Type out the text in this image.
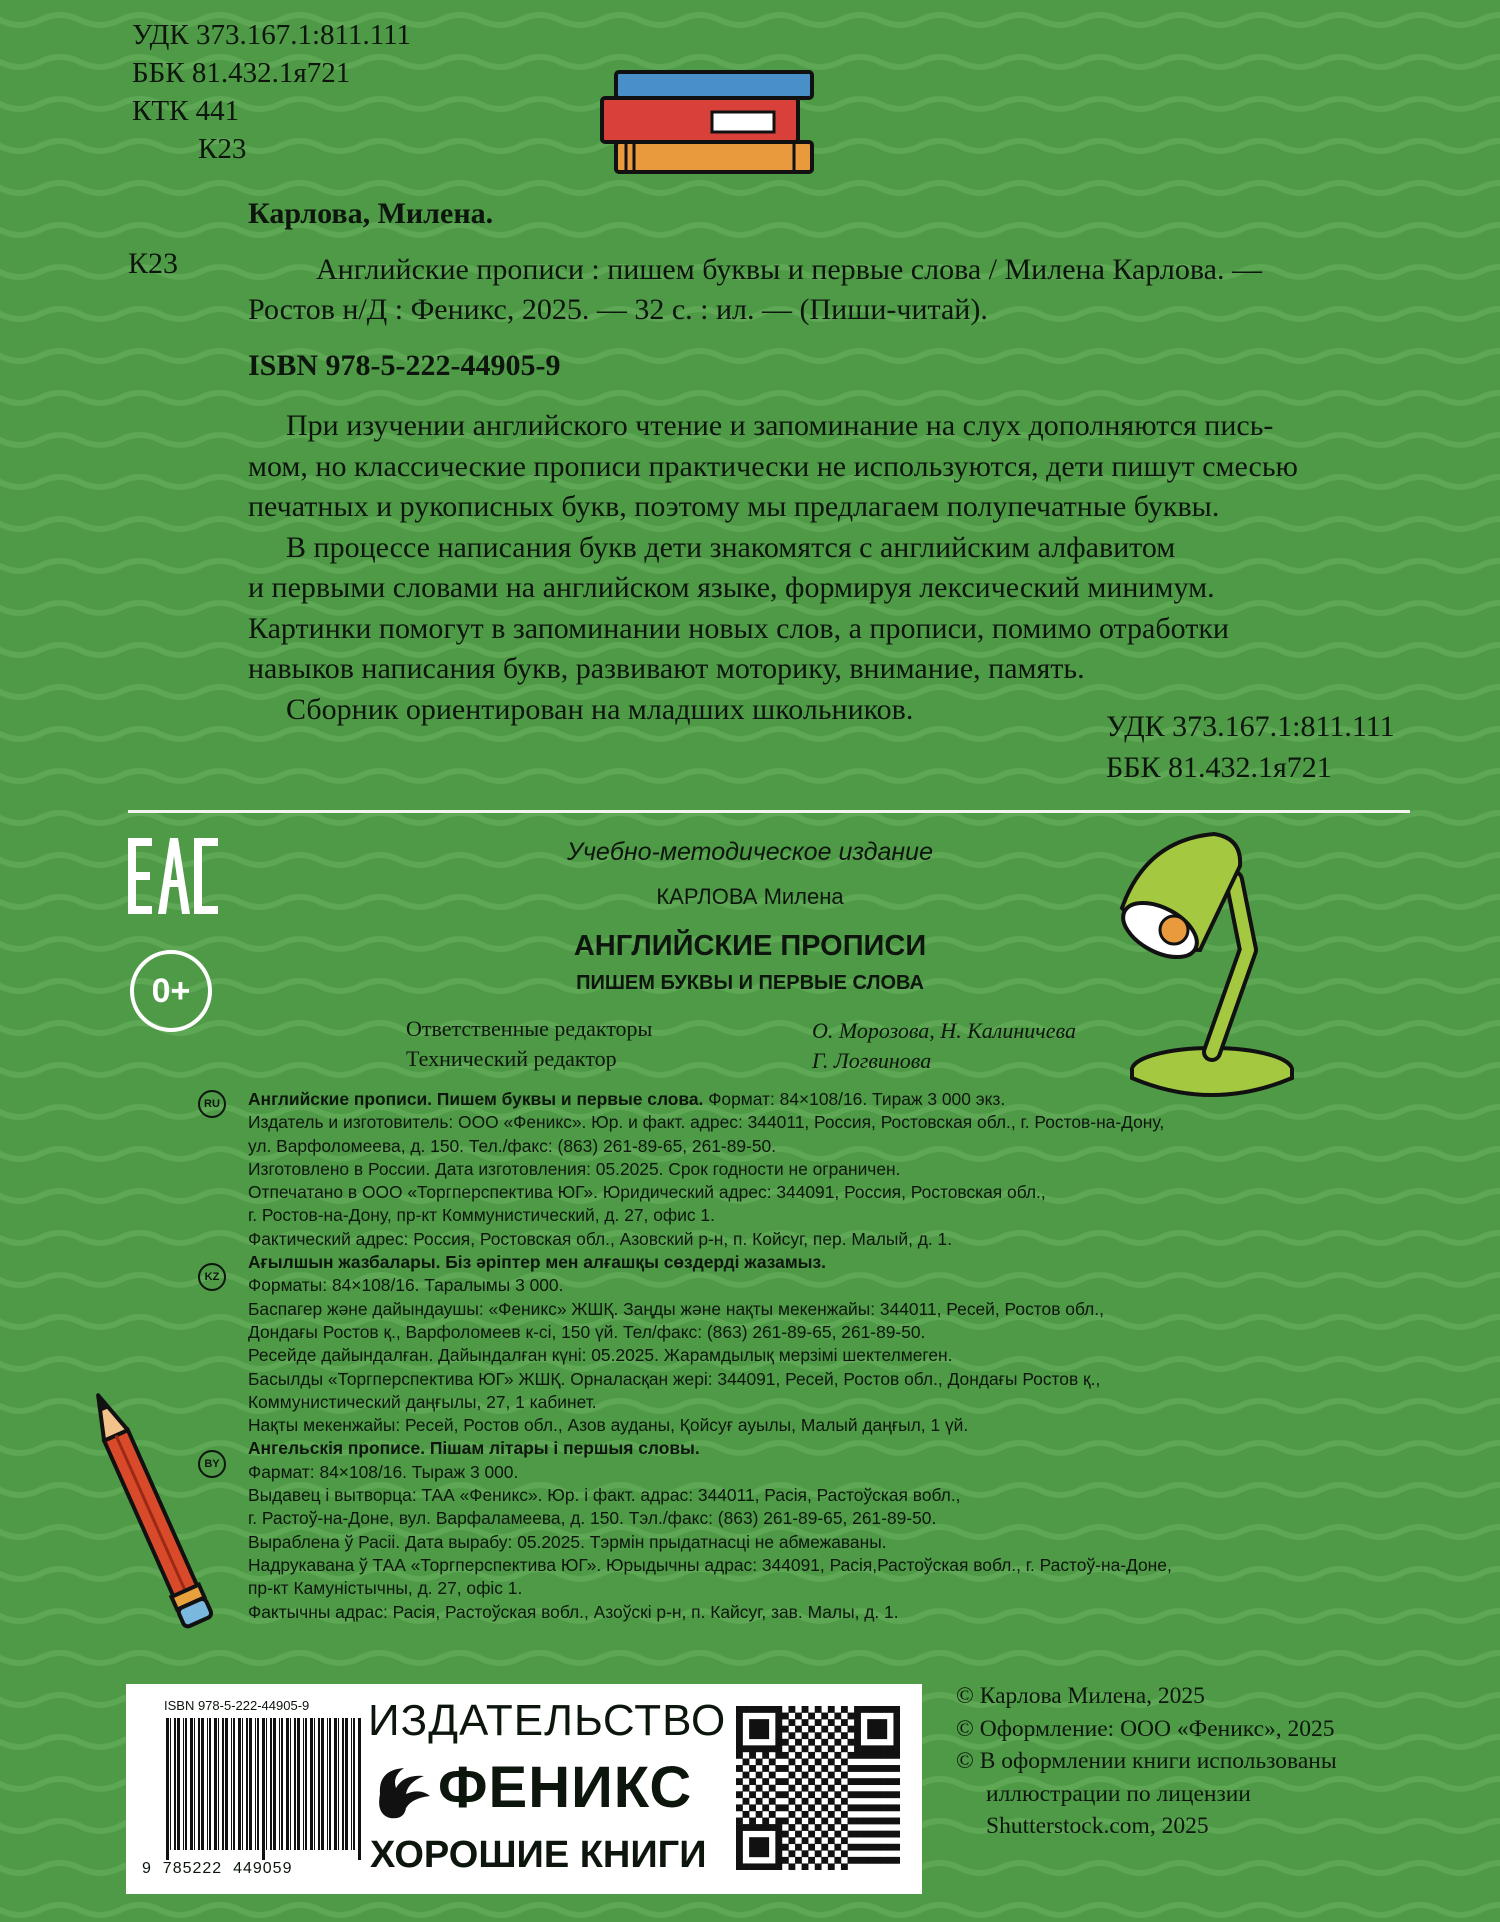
УДК 373.167.1:811.111
ББК 81.432.1я721
КТК 441
К23
Карлова, Милена.
К23	Английские прописи : пишем буквы и первые слова / Милена Карлова. —
Ростов н/Д : Феникс, 2025. — 32 с. : ил. — (Пиши-читай).
ISBN 978-5-222-44905-9
При изучении английского чтение и запоминание на слух дополняются пись-
мом, но классические прописи практически не используются, дети пишут смесью
печатных и рукописных букв, поэтому мы предлагаем полупечатные буквы.
В процессе написания букв дети знакомятся с английским алфавитом
и первыми словами на английском языке, формируя лексический минимум.
Картинки помогут в запоминании новых слов, а прописи, помимо отработки
навыков написания букв, развивают моторику, внимание, память.
Сборник ориентирован на младших школьников.
УДК 373.167.1:811.111
ББК 81.432.1я721
0+
Учебно-методическое издание
КАРЛОВА Милена
АНГЛИЙСКИЕ ПРОПИСИ
ПИШЕМ БУКВЫ И ПЕРВЫЕ СЛОВА
Ответственные редакторы	О. Морозова, Н. Калиничева
Технический редактор	Г. Логвинова
Английские прописи. Пишем буквы и первые слова. Формат: 84×108/16. Тираж 3 000 экз.
Издатель и изготовитель: ООО «Феникс». Юр. и факт. адрес: 344011, Россия, Ростовская обл., г. Ростов-на-Дону,
ул. Варфоломеева, д. 150. Тел./факс: (863) 261-89-65, 261-89-50.
Изготовлено в России. Дата изготовления: 05.2025. Срок годности не ограничен.
Отпечатано в ООО «Торгперспектива ЮГ». Юридический адрес: 344091, Россия, Ростовская обл.,
г. Ростов-на-Дону, пр-кт Коммунистический, д. 27, офис 1.
Фактический адрес: Россия, Ростовская обл., Азовский р-н, п. Койсуг, пер. Малый, д. 1.
Ағылшын жазбалары. Біз әріптер мен алғашқы сөздерді жазамыз.
Форматы: 84×108/16. Таралымы 3 000.
Баспагер және дайындаушы: «Феникс» ЖШҚ. Заңды және нақты мекенжайы: 344011, Ресей, Ростов обл.,
Дондағы Ростов қ., Варфоломеев к-сі, 150 үй. Тел/факс: (863) 261-89-65, 261-89-50.
Ресейде дайындалған. Дайындалған күні: 05.2025. Жарамдылық мерзімі шектелмеген.
Басылды «Торгперспектива ЮГ» ЖШҚ. Орналасқан жері: 344091, Ресей, Ростов обл., Дондағы Ростов қ.,
Коммунистический даңғылы, 27, 1 кабинет.
Нақты мекенжайы: Ресей, Ростов обл., Азов ауданы, Қойсуғ ауылы, Малый даңғыл, 1 үй.
Ангельскія прописе. Пішам літары і першыя словы.
Фармат: 84×108/16. Тыраж 3 000.
Выдавец і вытворца: ТАА «Феникс». Юр. і факт. адрас: 344011, Расія, Растоўская вобл.,
г. Растоў-на-Доне, вул. Варфаламеева, д. 150. Тэл./факс: (863) 261-89-65, 261-89-50.
Выраблена ў Расіі. Дата вырабу: 05.2025. Тэрмін прыдатнасці не абмежаваны.
Надрукавана ў ТАА «Торгперспектива ЮГ». Юрыдычны адрас: 344091, Расія,Растоўская вобл., г. Растоў-на-Доне,
пр-кт Камуністычны, д. 27, офіс 1.
Фактычны адрас: Расія, Растоўская вобл., Азоўскі р-н, п. Кайсуг, зав. Малы, д. 1.
RU
KZ
BY
ISBN 978-5-222-44905-9
9  785222  449059
ИЗДАТЕЛЬСТВО
ФЕНИКС
ХОРОШИЕ КНИГИ
© Карлова Милена, 2025
© Оформление: ООО «Феникс», 2025
© В оформлении книги использованы
иллюстрации по лицензии
Shutterstock.com, 2025
